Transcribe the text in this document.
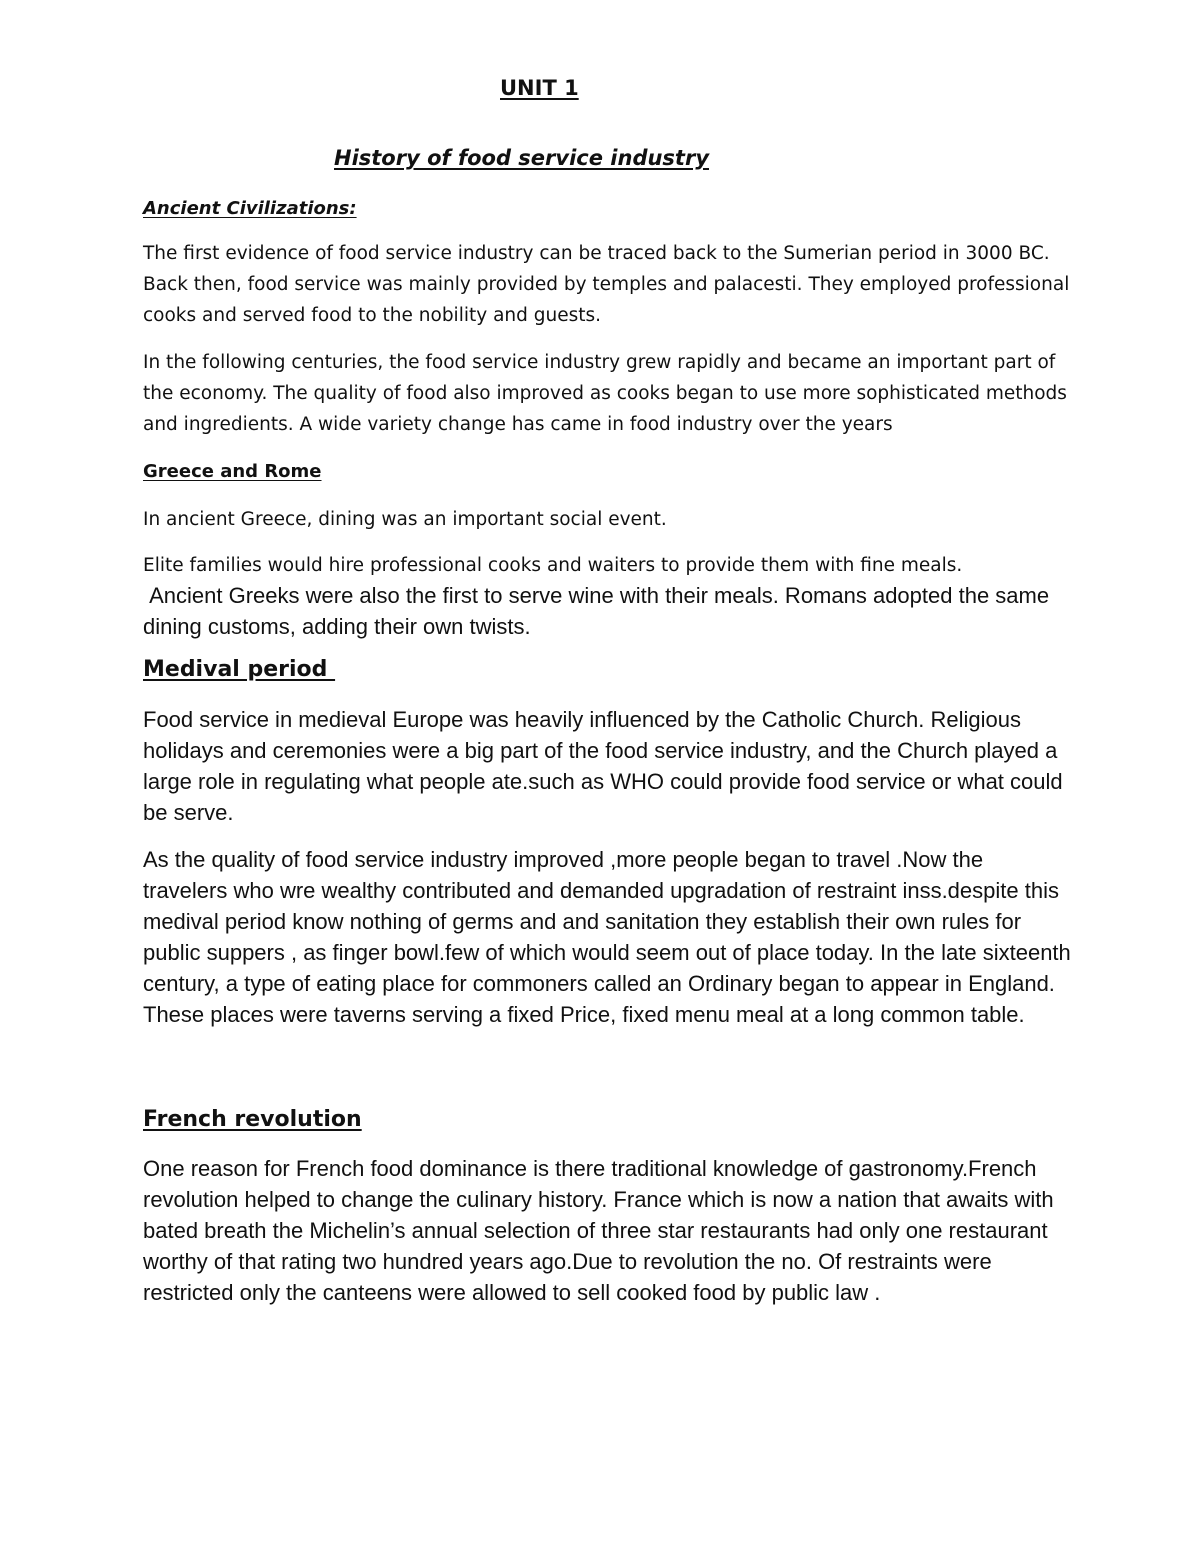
UNIT 1
History of food service industry
Ancient Civilizations:

The first evidence of food service industry can be traced back to the Sumerian period in 3000 BC. Back then, food service was mainly provided by temples and palacesti. They employed professional cooks and served food to the nobility and guests.

In the following centuries, the food service industry grew rapidly and became an important part of the economy. The quality of food also improved as cooks began to use more sophisticated methods and ingredients. A wide variety change has came in food industry over the years

Greece and Rome

In ancient Greece, dining was an important social event.

Elite families would hire professional cooks and waiters to provide them with fine meals.

Ancient Greeks were also the first to serve wine with their meals. Romans adopted the same dining customs, adding their own twists.

Medival period

Food service in medieval Europe was heavily influenced by the Catholic Church. Religious holidays and ceremonies were a big part of the food service industry, and the Church played a large role in regulating what people ate.such as WHO could provide food service or what could be serve.

As the quality of food service industry improved ,more people began to travel .Now the travelers who wre wealthy contributed and demanded upgradation of restraint inss.despite this medival period know nothing of germs and and sanitation they establish their own rules for public suppers , as finger bowl.few of which would seem out of place today. In the late sixteenth century, a type of eating place for commoners called an Ordinary began to appear in England. These places were taverns serving a fixed Price, fixed menu meal at a long common table.

French revolution

One reason for French food dominance is there traditional knowledge of gastronomy.French revolution helped to change the culinary history. France which is now a nation that awaits with bated breath the Michelin’s annual selection of three star restaurants had only one restaurant worthy of that rating two hundred years ago.Due to revolution the no. Of restraints were restricted only the canteens were allowed to sell cooked food by public law .
